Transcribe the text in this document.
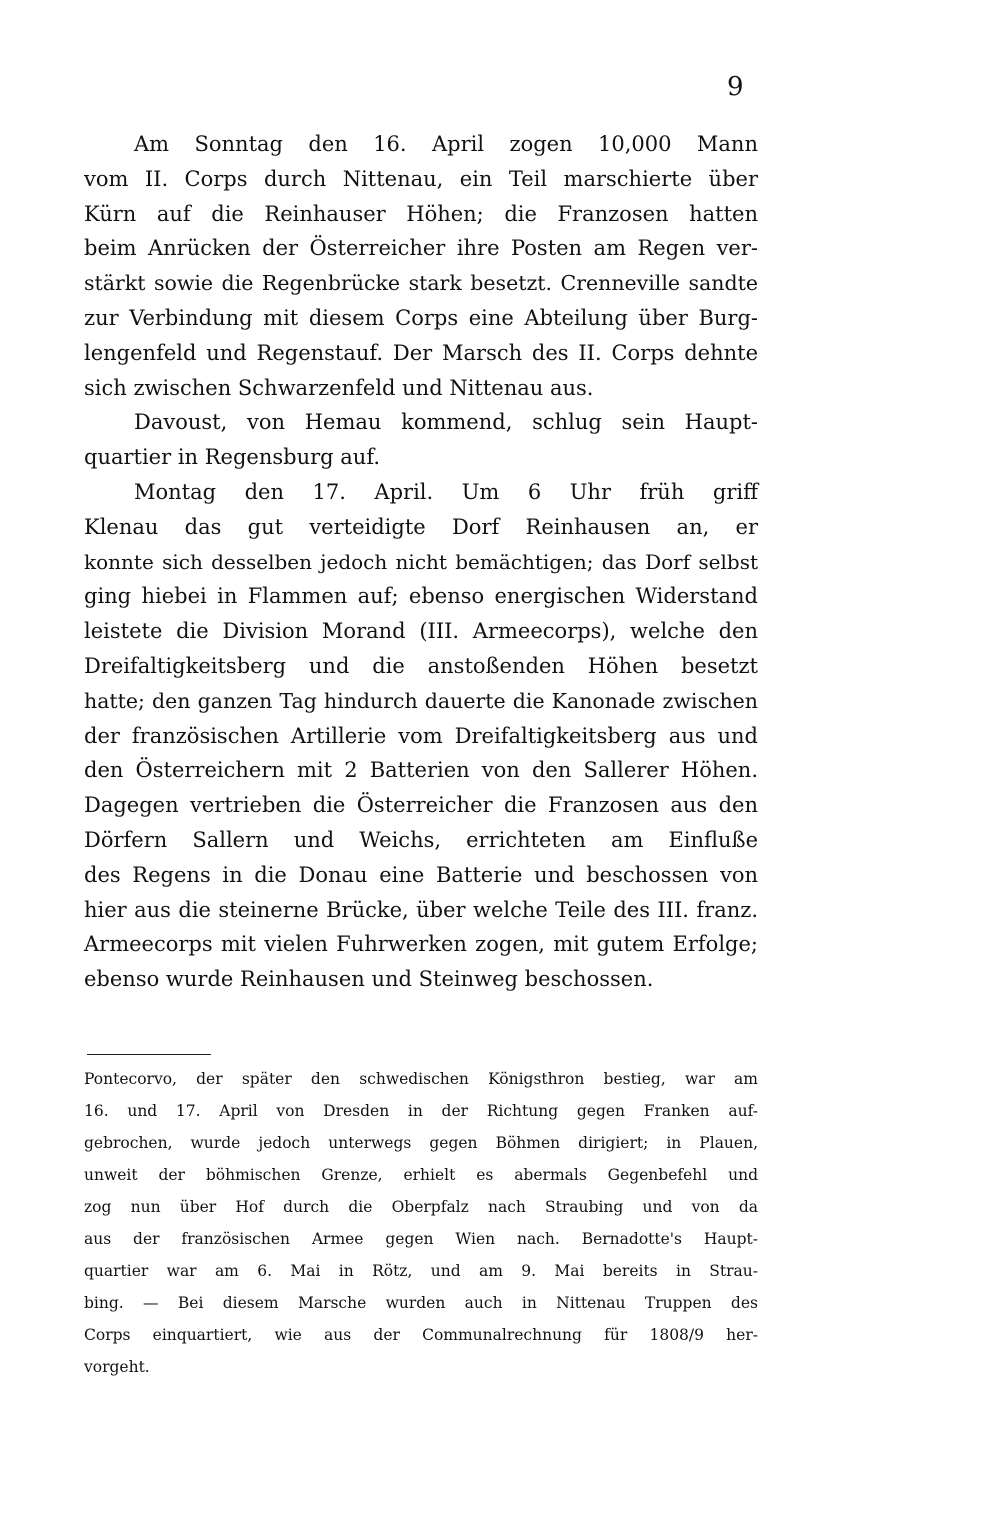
9
Am Sonntag den 16. April zogen 10,000 Mann
vom II. Corps durch Nittenau, ein Teil marschierte über
Kürn auf die Reinhauser Höhen; die Franzosen hatten
beim Anrücken der Österreicher ihre Posten am Regen ver-
stärkt sowie die Regenbrücke stark besetzt. Crenneville sandte
zur Verbindung mit diesem Corps eine Abteilung über Burg-
lengenfeld und Regenstauf. Der Marsch des II. Corps dehnte
sich zwischen Schwarzenfeld und Nittenau aus.
Davoust, von Hemau kommend, schlug sein Haupt-
quartier in Regensburg auf.
Montag den 17. April. Um 6 Uhr früh griff
Klenau das gut verteidigte Dorf Reinhausen an, er
konnte sich desselben jedoch nicht bemächtigen; das Dorf selbst
ging hiebei in Flammen auf; ebenso energischen Widerstand
leistete die Division Morand (III. Armeecorps), welche den
Dreifaltigkeitsberg und die anstoßenden Höhen besetzt
hatte; den ganzen Tag hindurch dauerte die Kanonade zwischen
der französischen Artillerie vom Dreifaltigkeitsberg aus und
den Österreichern mit 2 Batterien von den Sallerer Höhen.
Dagegen vertrieben die Österreicher die Franzosen aus den
Dörfern Sallern und Weichs, errichteten am Einfluße
des Regens in die Donau eine Batterie und beschossen von
hier aus die steinerne Brücke, über welche Teile des III. franz.
Armeecorps mit vielen Fuhrwerken zogen, mit gutem Erfolge;
ebenso wurde Reinhausen und Steinweg beschossen.
Pontecorvo, der später den schwedischen Königsthron bestieg, war am
16. und 17. April von Dresden in der Richtung gegen Franken auf-
gebrochen, wurde jedoch unterwegs gegen Böhmen dirigiert; in Plauen,
unweit der böhmischen Grenze, erhielt es abermals Gegenbefehl und
zog nun über Hof durch die Oberpfalz nach Straubing und von da
aus der französischen Armee gegen Wien nach. Bernadotte's Haupt-
quartier war am 6. Mai in Rötz, und am 9. Mai bereits in Strau-
bing. — Bei diesem Marsche wurden auch in Nittenau Truppen des
Corps einquartiert, wie aus der Communalrechnung für 1808/9 her-
vorgeht.
